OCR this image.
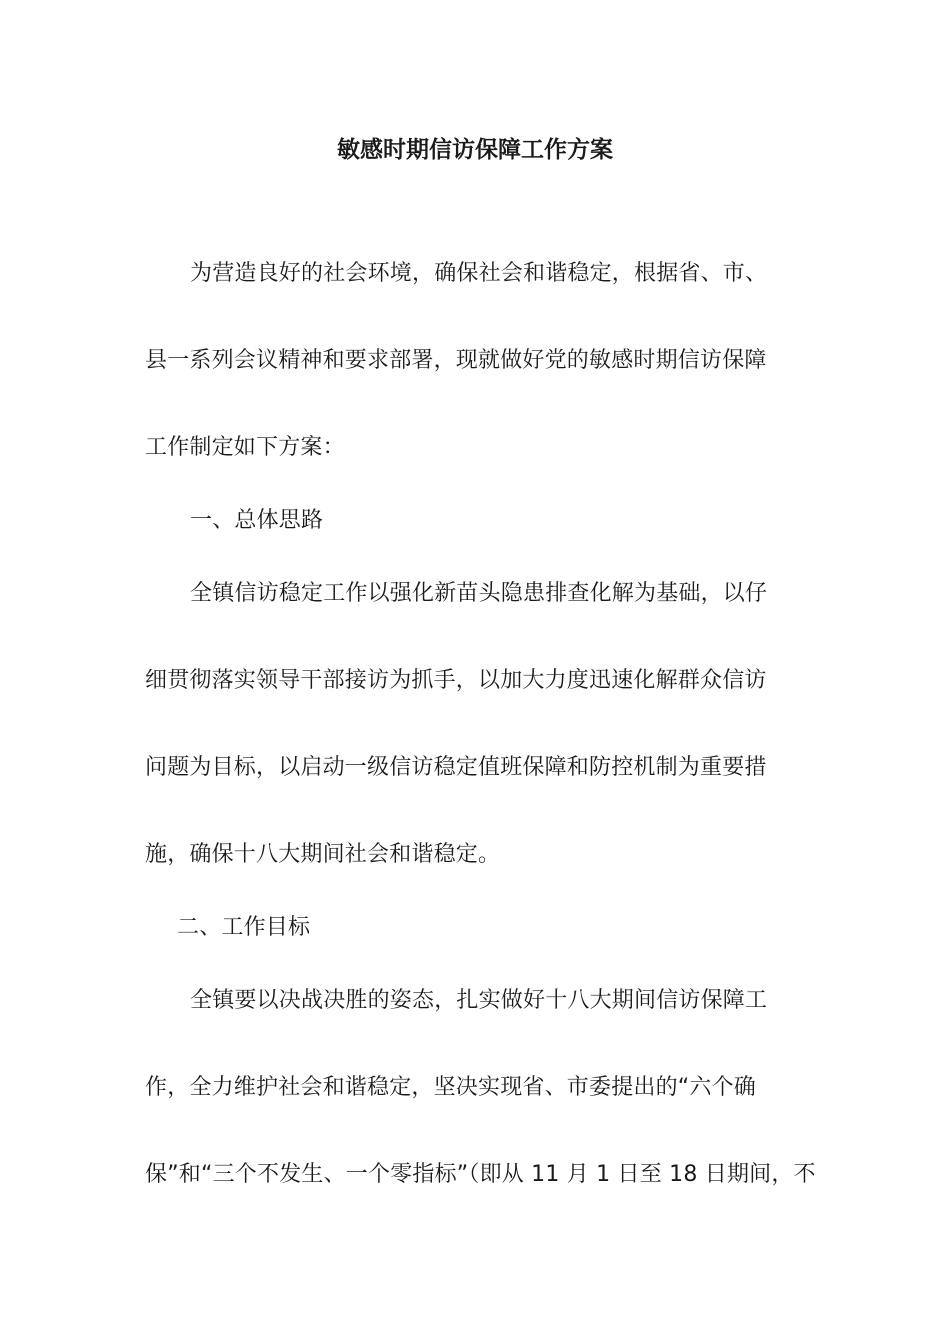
敏感时期信访保障工作方案
为营造良好的社会环境，确保社会和谐稳定，根据省、市、
县一系列会议精神和要求部署，现就做好党的敏感时期信访保障
工作制定如下方案：
一、总体思路
全镇信访稳定工作以强化新苗头隐患排查化解为基础，以仔
细贯彻落实领导干部接访为抓手，以加大力度迅速化解群众信访
问题为目标，以启动一级信访稳定值班保障和防控机制为重要措
施，确保十八大期间社会和谐稳定。
二、工作目标
全镇要以决战决胜的姿态，扎实做好十八大期间信访保障工
作，全力维护社会和谐稳定，坚决实现省、市委提出的“六个确
保”和“三个不发生、一个零指标”（即从 11 月 1 日至 18 日期间，不
